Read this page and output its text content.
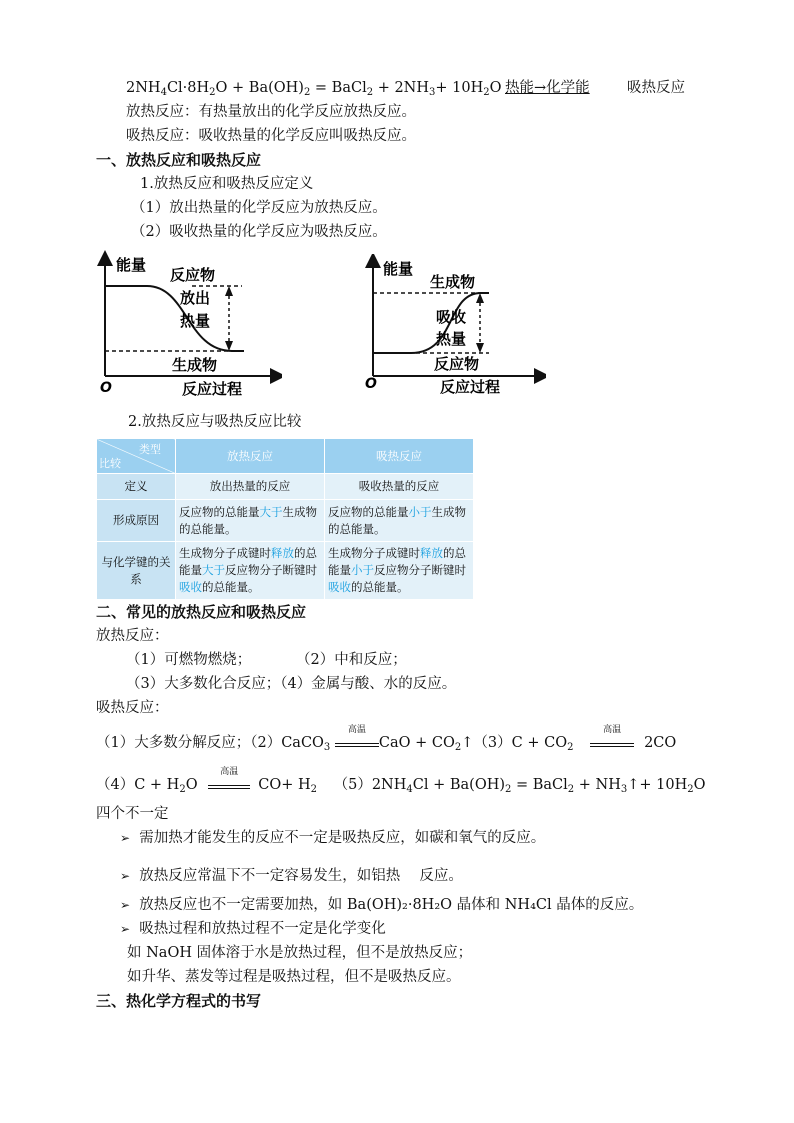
$2NH_4Cl\cdot 8H_2O + Ba(OH)_2$ = BaCl$_2$ + $2NH_3+ 10H_2O$ 热能→化学能	吸热反应
放热反应：有热量放出的化学反应放热反应。
吸热反应：吸收热量的化学反应叫吸热反应。
一、放热反应和吸热反应
1.放热反应和吸热反应定义
（1）放出热量的化学反应为放热反应。
（2）吸收热量的化学反应为吸热反应。
能量
反应物
放出
热量
生成物
O	反应过程
能量
生成物
吸收
热量
反应物
O	反应过程
2.放热反应与吸热反应比较
类型
比较	放热反应	吸热反应
定义	放出热量的反应	吸收热量的反应
形成原因	反应物的总能量大于生成物的总能量。	反应物的总能量小于生成物的总能量。
与化学键的关系	生成物分子成键时释放的总能量大于反应物分子断键时吸收的总能量。	生成物分子成键时释放的总能量小于反应物分子断键时吸收的总能量。
二、常见的放热反应和吸热反应
放热反应：
（1）可燃物燃烧；	（2）中和反应；
（3）大多数化合反应；（4）金属与酸、水的反应。
吸热反应：
（1）大多数分解反应；（2）CaCO$_3$
高温
CaO + $CO_2↑(3)C + CO_2$
高温
2CO
$(4)C + H_2O$
高温
$CO+ H_2$ $(5)2NH_4Cl + Ba(OH)_2$ = BaCl$_2$ + $NH_3↑+ 10H_2O$
四个不一定
➢ 需加热才能发生的反应不一定是吸热反应，如碳和氧气的反应。
➢ 放热反应常温下不一定容易发生，如铝热　 反应。
➢ 放热反应也不一定需要加热，如 Ba(OH)₂·8H₂O 晶体和 NH₄Cl 晶体的反应。
➢ 吸热过程和放热过程不一定是化学变化
如 NaOH 固体溶于水是放热过程，但不是放热反应；
如升华、蒸发等过程是吸热过程，但不是吸热反应。
三、热化学方程式的书写
